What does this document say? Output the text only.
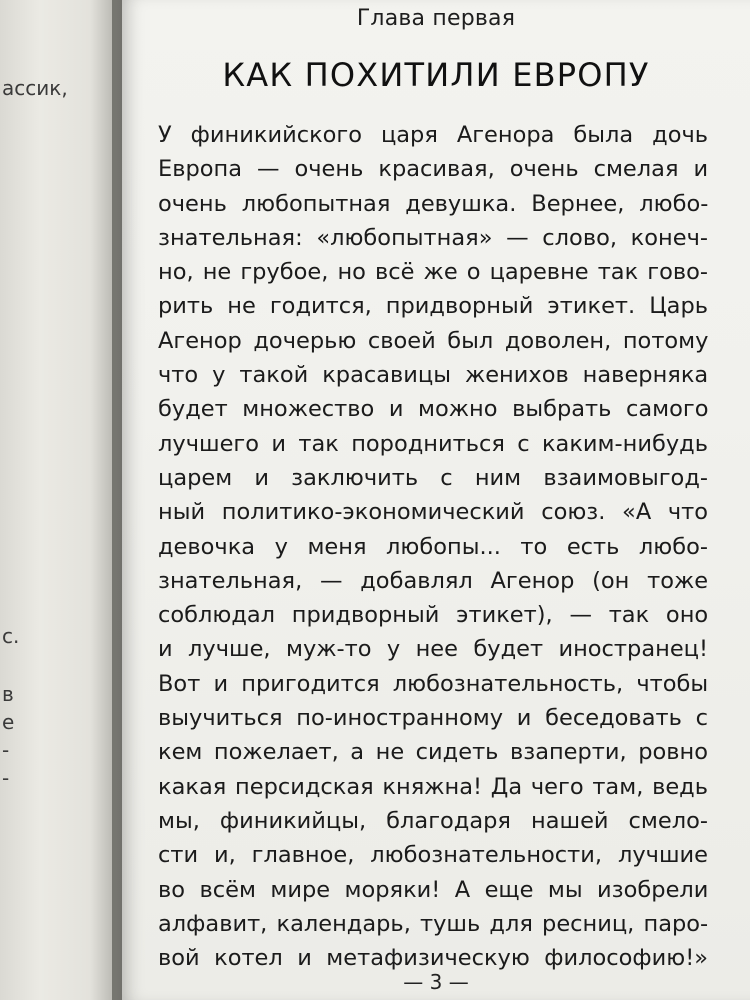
ассик,
с.
в
е
-
-
Глава первая
КАК ПОХИТИЛИ ЕВРОПУ
У финикийского царя Агенора была дочь
Европа — очень красивая, очень смелая и
очень любопытная девушка. Вернее, любо-
знательная: «любопытная» — слово, конеч-
но, не грубое, но всё же о царевне так гово-
рить не годится, придворный этикет. Царь
Агенор дочерью своей был доволен, потому
что у такой красавицы женихов наверняка
будет множество и можно выбрать самого
лучшего и так породниться с каким-нибудь
царем и заключить с ним взаимовыгод-
ный политико-экономический союз. «А что
девочка у меня любопы... то есть любо-
знательная, — добавлял Агенор (он тоже
соблюдал придворный этикет), — так оно
и лучше, муж-то у нее будет иностранец!
Вот и пригодится любознательность, чтобы
выучиться по-иностранному и беседовать с
кем пожелает, а не сидеть взаперти, ровно
какая персидская княжна! Да чего там, ведь
мы, финикийцы, благодаря нашей смело-
сти и, главное, любознательности, лучшие
во всём мире моряки! А еще мы изобрели
алфавит, календарь, тушь для ресниц, паро-
вой котел и метафизическую философию!»
— 3 —
